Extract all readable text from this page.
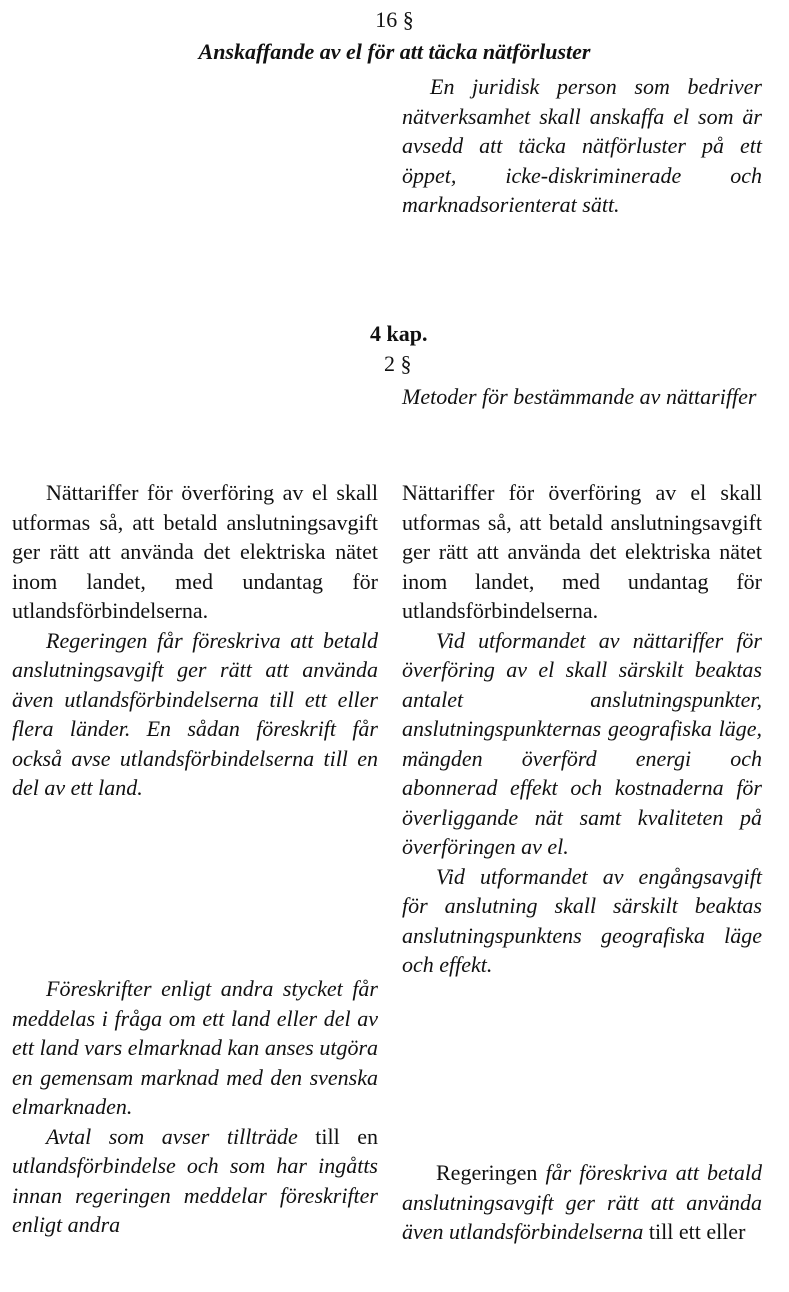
16 §
Anskaffande av el för att täcka nätförluster

En juridisk person som bedriver nätverksamhet skall anskaffa el som är avsedd att täcka nätförluster på ett öppet, icke-diskriminerade och marknadsorienterat sätt.

4 kap.
2 §

Metoder för bestämmande av nättariffer

Nättariffer för överföring av el skall utformas så, att betald anslutningsavgift ger rätt att använda det elektriska nätet inom landet, med undantag för utlandsförbindelserna.

Regeringen får föreskriva att betald anslutningsavgift ger rätt att använda även utlandsförbindelserna till ett eller flera länder. En sådan föreskrift får också avse utlandsförbindelserna till en del av ett land.

Föreskrifter enligt andra stycket får meddelas i fråga om ett land eller del av ett land vars elmarknad kan anses utgöra en gemensam marknad med den svenska elmarknaden.

Avtal som avser tillträde till en utlandsförbindelse och som har ingåtts innan regeringen meddelar föreskrifter enligt andra

Nättariffer för överföring av el skall utformas så, att betald anslutningsavgift ger rätt att använda det elektriska nätet inom landet, med undantag för utlandsförbindelserna.

Vid utformandet av nättariffer för överföring av el skall särskilt beaktas antalet anslutningspunkter, anslutningspunkternas geografiska läge, mängden överförd energi och abonnerad effekt och kostnaderna för överliggande nät samt kvaliteten på överföringen av el.

Vid utformandet av engångsavgift för anslutning skall särskilt beaktas anslutningspunktens geografiska läge och effekt.

Regeringen får föreskriva att betald anslutningsavgift ger rätt att använda även utlandsförbindelserna till ett eller
